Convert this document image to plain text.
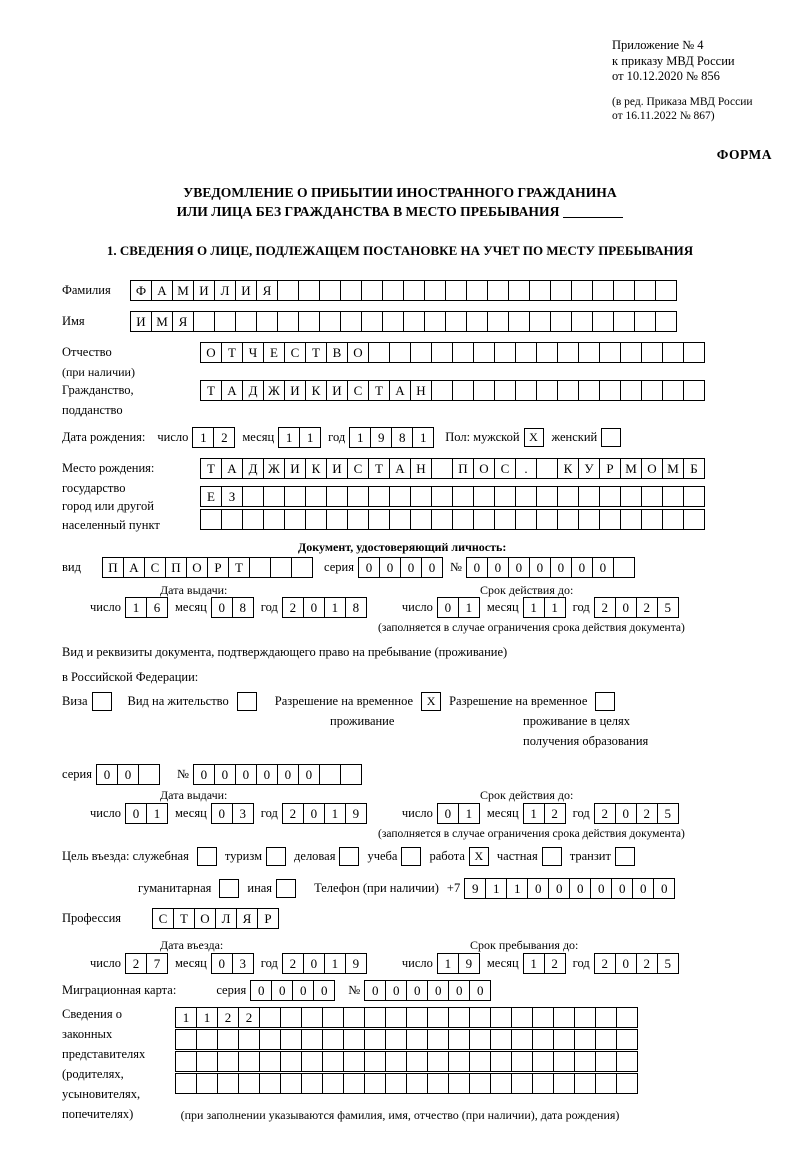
Приложение № 4
к приказу МВД России
от 10.12.2020 № 856
(в ред. Приказа МВД России
от 16.11.2022 № 867)
ФОРМА
УВЕДОМЛЕНИЕ О ПРИБЫТИИ ИНОСТРАННОГО ГРАЖДАНИНА
ИЛИ ЛИЦА БЕЗ ГРАЖДАНСТВА В МЕСТО ПРЕБЫВАНИЯ
1. СВЕДЕНИЯ О ЛИЦЕ, ПОДЛЕЖАЩЕМ ПОСТАНОВКЕ НА УЧЕТ ПО МЕСТУ ПРЕБЫВАНИЯ
Фамилия	Ф А М И Л И Я
Имя	И М Я
Отчество	О Т Ч Е С Т В О
(при наличии)
Гражданство,	Т А Д Ж И К И С Т А Н
подданство
Дата рождения: число 1	2	месяц 1	1	год 1	9	8	1	Пол: мужской X	женский
Место рождения:	Т А Д Ж И К И С Т А Н	П О С	.	К У Р М О М Б
государство
Е	З
город или другой
населенный пункт
Документ, удостоверяющий личность:
вид	П А С П О Р	Т	серия 0	0	0	0	№ 0	0	0	0	0	0	0
Дата выдачи:	Срок действия до:
число 1	6	месяц 0	8	год 2	0	1	8	число 0	1	месяц 1	1	год 2	0	2	5
(заполняется в случае ограничения срока действия документа)
Вид и реквизиты документа, подтверждающего право на пребывание (проживание)
в Российской Федерации:
Виза	Вид на жительство	Разрешение на временное	X	Разрешение на временное
проживание	проживание в целях
получения образования
серия 0	0	№ 0	0	0	0	0	0
Дата выдачи:	Срок действия до:
число 0	1	месяц 0	3	год 2	0	1	9	число 0	1	месяц 1	2	год 2	0	2	5
(заполняется в случае ограничения срока действия документа)
Цель въезда: служебная	туризм	деловая	учеба	работа X	частная	транзит
гуманитарная	иная	Телефон (при наличии) +7 9	1	1	0	0	0	0	0	0	0
Профессия	С Т О Л Я	Р
Дата въезда:	Срок пребывания до:
число 2	7	месяц 0	3	год 2	0	1	9	число 1	9	месяц 1	2	год 2	0	2	5
Миграционная карта:	серия 0	0	0	0	№ 0	0	0	0	0	0
Сведения о
законных
представителях
(родителях,
усыновителях,
попечителях)
1	1	2	2
(при заполнении указываются фамилия, имя, отчество (при наличии), дата рождения)
